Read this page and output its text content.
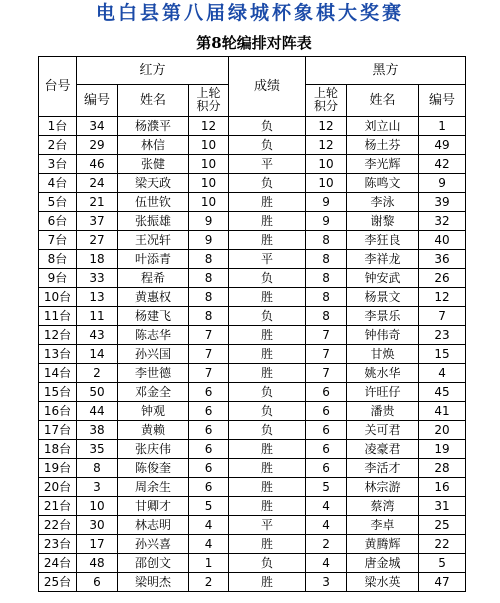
电白县第八届绿城杯象棋大奖赛
第8轮编排对阵表
台号	红方			成绩	黑方		
	编号	姓名	上轮积分		上轮积分	姓名	编号
1台	34	杨濮平	12	负	12	刘立山	1
2台	29	林信	10	负	12	杨土芬	49
3台	46	张健	10	平	10	李光辉	42
4台	24	梁天政	10	负	10	陈鸣文	9
5台	21	伍世钦	10	胜	9	李泳	39
6台	37	张振雄	9	胜	9	谢黎	32
7台	27	王况轩	9	胜	8	李狂良	40
8台	18	叶添青	8	平	8	李祥龙	36
9台	33	程希	8	负	8	钟安武	26
10台	13	黄惠权	8	胜	8	杨景文	12
11台	11	杨建飞	8	负	8	李景乐	7
12台	43	陈志华	7	胜	7	钟伟奇	23
13台	14	孙兴国	7	胜	7	甘焕	15
14台	2	李世德	7	胜	7	姚水华	4
15台	50	邓金全	6	负	6	许旺仔	45
16台	44	钟观	6	负	6	潘贵	41
17台	38	黄赖	6	负	6	关可君	20
18台	35	张庆伟	6	胜	6	凌豪君	19
19台	8	陈俊奎	6	胜	6	李活才	28
20台	3	周余生	6	胜	5	林宗游	16
21台	10	甘卿才	5	胜	4	蔡湾	31
22台	30	林志明	4	平	4	李卓	25
23台	17	孙兴喜	4	胜	2	黄腾辉	22
24台	48	邵创文	1	负	4	唐金城	5
25台	6	梁明杰	2	胜	3	梁水英	47
